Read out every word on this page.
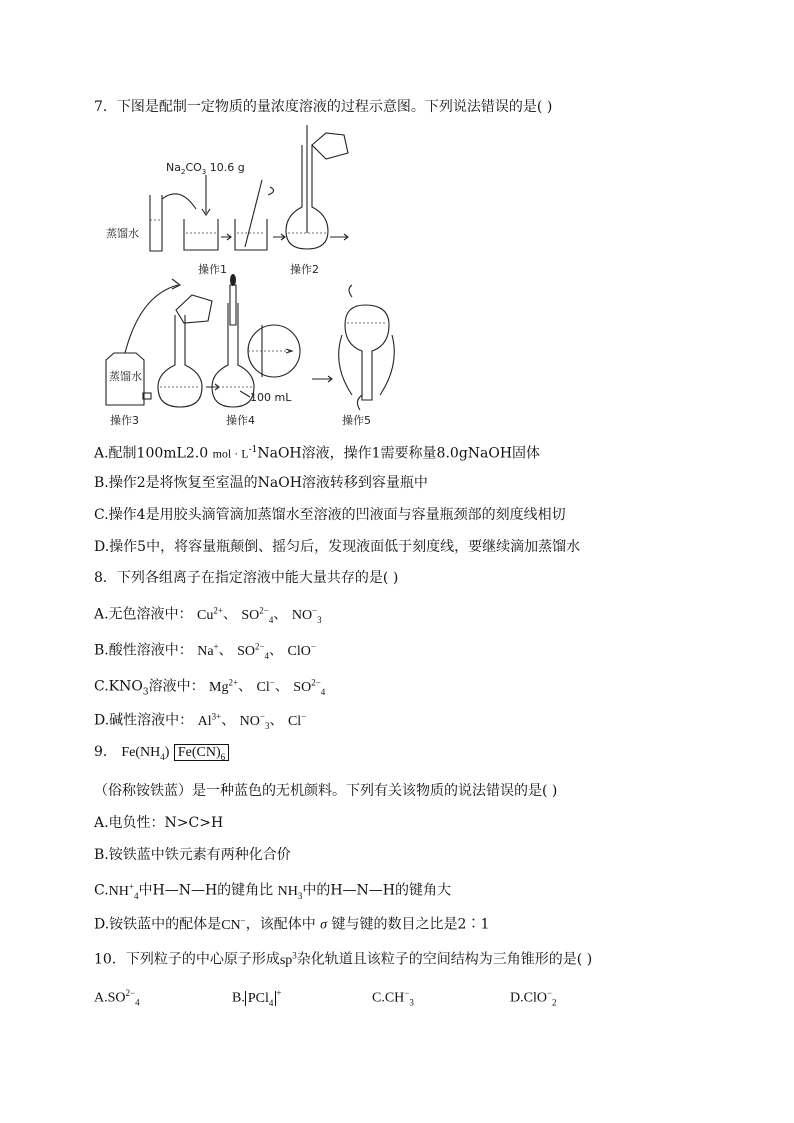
7．下图是配制一定物质的量浓度溶液的过程示意图。下列说法错误的是( )
$Na_2CO_3$ 10.6 g
蒸馏水
操作1	操作2
蒸馏水
100 mL
操作3	操作4	操作5
A.配制100mL2.0 mol · $L^{-1}NaOH$溶液，操作1需要称量8.0gNaOH固体
B.操作2是将恢复至室温的NaOH溶液转移到容量瓶中
C.操作4是用胶头滴管滴加蒸馏水至溶液的凹液面与容量瓶颈部的刻度线相切
D.操作5中，将容量瓶颠倒、摇匀后，发现液面低于刻度线，要继续滴加蒸馏水
8．下列各组离子在指定溶液中能大量共存的是( )
A.无色溶液中： $Cu^{2+}$、 $SO^{2-}_4$、 $NO^-_3$
B.酸性溶液中： Na+、 $SO^{2-}_4$、 ClO−
$C.KNO_3$溶液中： $Mg^{2+}$、 Cl−、 $SO^{2-}_4$
D.碱性溶液中： $Al^{3+}$、 $NO^-_3$、 Cl−
9． $Fe(NH_4)$ $Fe(CN)_6$
（俗称铵铁蓝）是一种蓝色的无机颜料。下列有关该物质的说法错误的是( )
A.电负性：N>C>H
B.铵铁蓝中铁元素有两种化合价
$C.NH^+_4$中H—N—H的键角比 $NH_3$中的H—N—H的键角大
D.铵铁蓝中的配体是CN−，该配体中 σ 键与键的数目之比是2∶1
10．下列粒子的中心原子形成$sp^3$杂化轨道且该粒子的空间结构为三角锥形的是( )
$A.SO^{2-}_4$	B. PCl$_4$+	$C.CH^-_3$	D.ClO−$_2$
